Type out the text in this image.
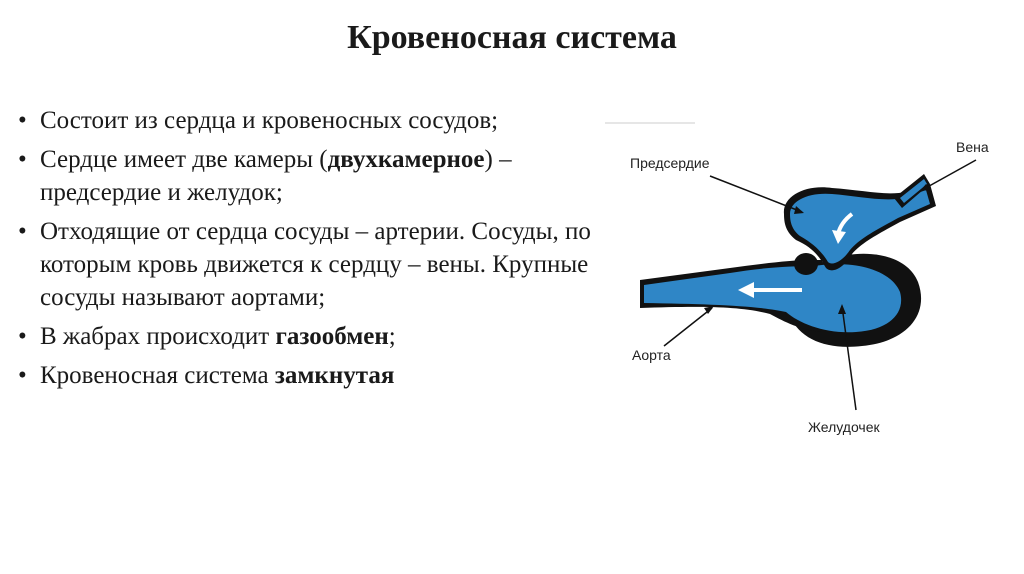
Кровеносная система
• Состоит из сердца и кровеносных сосудов;
• Сердце имеет две камеры (двухкамерное) – предсердие и желудок;
• Отходящие от сердца сосуды – артерии. Сосуды, по которым кровь движется к сердцу – вены. Крупные сосуды называют аортами;
• В жабрах происходит газообмен;
• Кровеносная система замкнутая
Предсердие
Вена
Аорта
Желудочек
